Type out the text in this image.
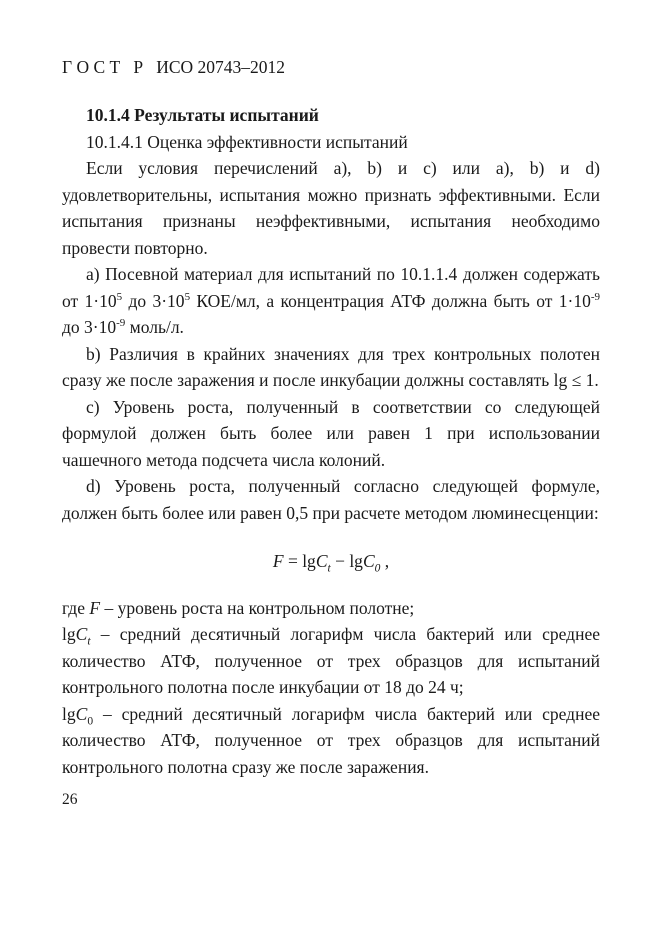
Г О С Т   Р   ИСО 20743–2012

10.1.4 Результаты испытаний

10.1.4.1 Оценка эффективности испытаний

Если условия перечислений a), b) и c) или a), b) и d) удовлетворительны, испытания можно признать эффективными. Если испытания признаны неэффективными, испытания необходимо провести повторно.

a) Посевной материал для испытаний по 10.1.1.4 должен содержать от $1\cdot 10^5$ до $3\cdot 10^5$ КОЕ/мл, а концентрация АТФ должна быть от $1\cdot 10^{-9}$ до $3\cdot 10^{-9}$ моль/л.

b) Различия в крайних значениях для трех контрольных полотен сразу же после заражения и после инкубации должны составлять lg ≤ 1.

c) Уровень роста, полученный в соответствии со следующей формулой должен быть более или равен 1 при использовании чашечного метода подсчета числа колоний.

d) Уровень роста, полученный согласно следующей формуле, должен быть более или равен 0,5 при расчете методом люминесценции:

F = lgC$_t$ − lgC$_0$ ,

где F – уровень роста на контрольном полотне;

lgC$_t$ – средний десятичный логарифм числа бактерий или среднее количество АТФ, полученное от трех образцов для испытаний контрольного полотна после инкубации от 18 до 24 ч;

lgC$_0$ – средний десятичный логарифм числа бактерий или среднее количество АТФ, полученное от трех образцов для испытаний контрольного полотна сразу же после заражения.

26
